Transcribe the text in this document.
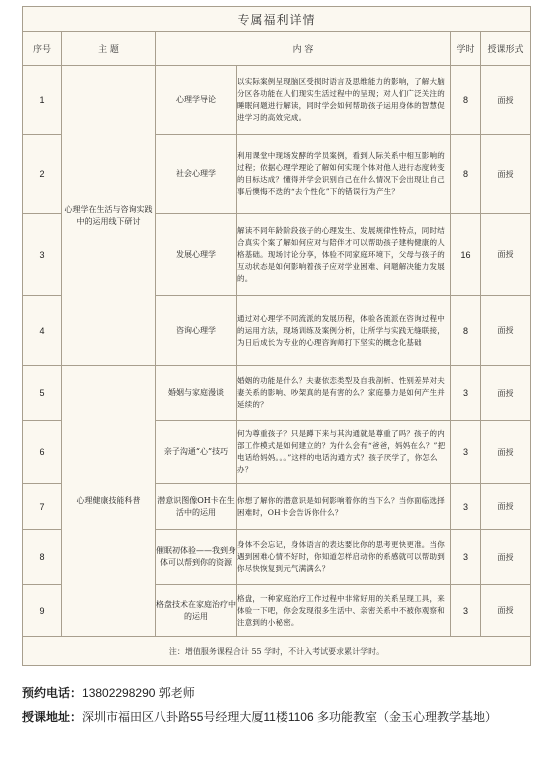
专属福利详情					
序号	主 题	内 容		学时	授课形式
1	心理学在生活与咨询实践中的运用线下研讨	心理学导论	以实际案例呈现脑区受损时语言及思维能力的影响，了解大脑分区各功能在人们现实生活过程中的呈现；对人们广泛关注的睡眠问题进行解读，同时学会如何帮助孩子运用身体的智慧促进学习的高效完成。	8	面授
2		社会心理学	利用课堂中现场发酵的学员案例，看到人际关系中相互影响的过程；依据心理学理论了解如何实现个体对他人进行态度转变的目标达成？懂得并学会识别自己在什么情况下会出现让自己事后懊悔不迭的“去个性化”下的错误行为产生？	8	面授
3		发展心理学	解读不同年龄阶段孩子的心理发生、发展规律性特点，同时结合真实个案了解如何应对与陪伴才可以帮助孩子建构健康的人格基础。现场讨论分享，体验不同家庭环境下，父母与孩子的互动状态是如何影响着孩子应对学业困难、问题解决能力发展的。	16	面授
4		咨询心理学	通过对心理学不同流派的发展历程，体验各流派在咨询过程中的运用方法，现场训练及案例分析，让所学与实践无缝联接，为日后成长为专业的心理咨询师打下坚实的概念化基础	8	面授
5	心理健康技能科普	婚姻与家庭漫谈	婚姻的功能是什么？夫妻依恋类型及自我剖析、性别差异对夫妻关系的影响、吵架真的是有害的么？家庭暴力是如何产生并延续的？	3	面授
6		亲子沟通“心”技巧	何为尊重孩子？只是蹲下来与其沟通就是尊重了吗？孩子的内部工作模式是如何建立的？为什么会有“爸爸，妈妈在么？”把电话给妈妈。。。”这样的电话沟通方式？孩子厌学了，你怎么办？	3	面授
7		潜意识图像OH卡在生活中的运用	你想了解你的潜意识是如何影响着你的当下么？当你面临选择困难时，OH卡会告诉你什么？	3	面授
8		催眠初体验——我到身体可以帮到你的资源	身体不会忘记，身体语言的表达要比你的思考更快更准。当你遇到困难心情不好时，你知道怎样启动你的系感就可以帮助到你尽快恢复到元气满满么？	3	面授
9		格盘技术在家庭治疗中的运用	格盘，一种家庭治疗工作过程中非常好用的关系呈现工具，来体验一下吧，你会发现很多生活中、亲密关系中不被你观察和注意到的小秘密。	3	面授
注：增值服务课程合计 55 学时，不计入考试要求累计学时。					
预约电话：13802298290 郭老师
授课地址：深圳市福田区八卦路55号经理大厦11楼1106 多功能教室（金玉心理教学基地）
